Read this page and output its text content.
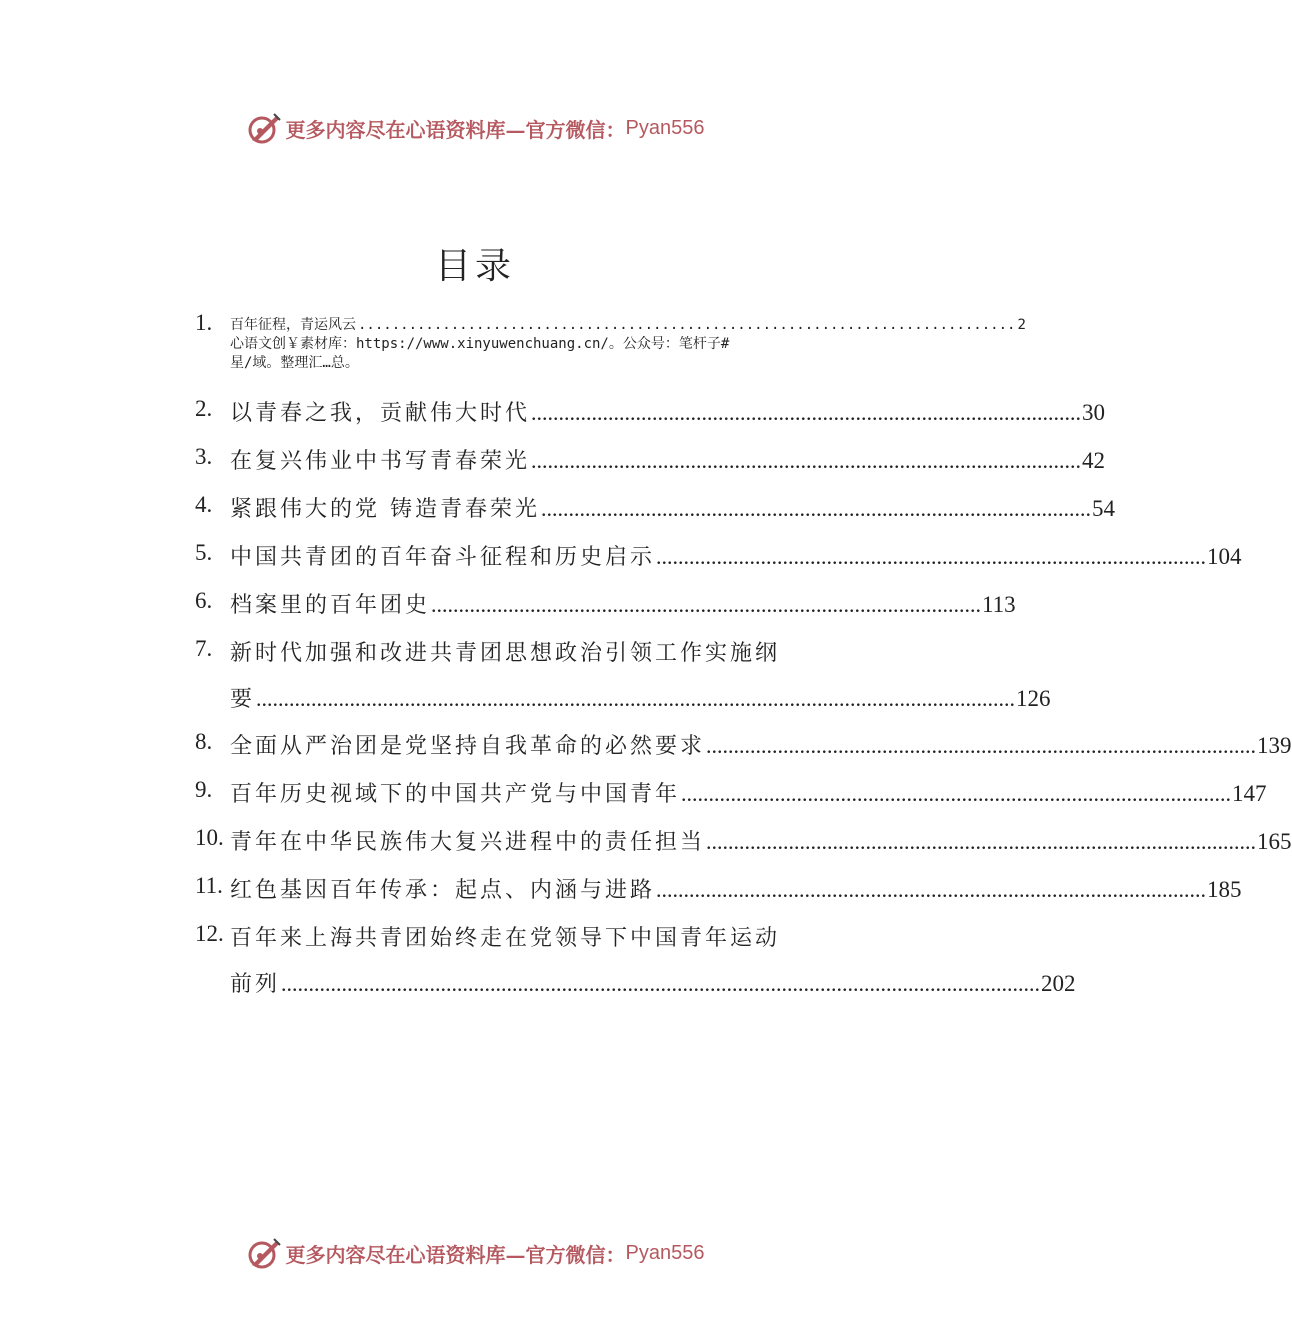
更多内容尽在心语资料库—官方微信： Pyan556
目录
1. 百年征程，青运风云 .............................................................................. 2
心语文创￥素材库：https://www.xinyuwenchuang.cn/。公众号：笔杆子#
星/域。整理汇…总。
2. 以青春之我，贡献伟大时代 .................................................................................................... 30
3. 在复兴伟业中书写青春荣光 .................................................................................................... 42
4. 紧跟伟大的党 铸造青春荣光 .................................................................................................... 54
5. 中国共青团的百年奋斗征程和历史启示 .................................................................................................... 104
6. 档案里的百年团史 .................................................................................................... 113
7. 新时代加强和改进共青团思想政治引领工作实施纲
要 .......................................................................................................................................... 126
8. 全面从严治团是党坚持自我革命的必然要求 .................................................................................................... 139
9. 百年历史视域下的中国共产党与中国青年 .................................................................................................... 147
10. 青年在中华民族伟大复兴进程中的责任担当 .................................................................................................... 165
11. 红色基因百年传承：起点、内涵与进路 .................................................................................................... 185
12. 百年来上海共青团始终走在党领导下中国青年运动
前列 .......................................................................................................................................... 202
更多内容尽在心语资料库—官方微信： Pyan556
